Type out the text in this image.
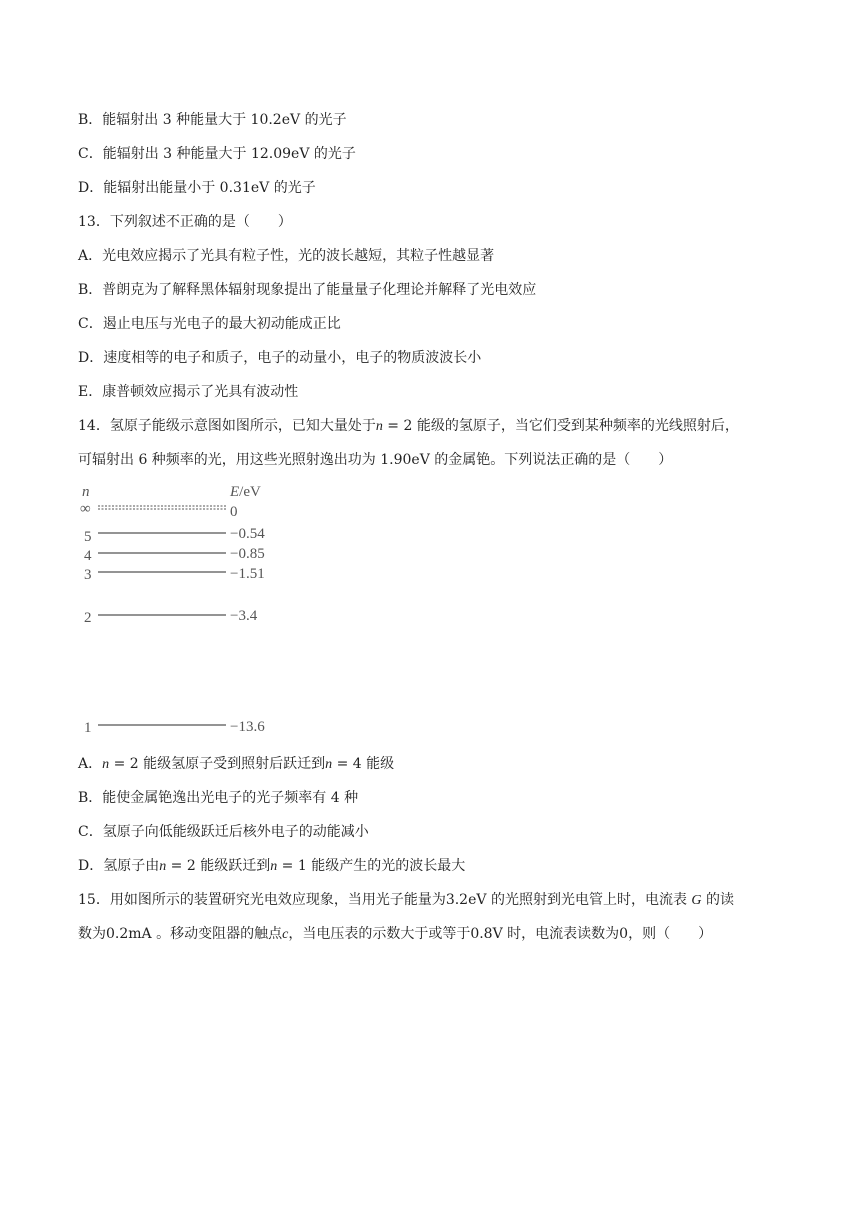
B．能辐射出 3 种能量大于 10.2eV 的光子
C．能辐射出 3 种能量大于 12.09eV 的光子
D．能辐射出能量小于 0.31eV 的光子
13．下列叙述不正确的是（　　）
A．光电效应揭示了光具有粒子性，光的波长越短，其粒子性越显著
B．普朗克为了解释黑体辐射现象提出了能量量子化理论并解释了光电效应
C．遏止电压与光电子的最大初动能成正比
D．速度相等的电子和质子，电子的动量小，电子的物质波波长小
E．康普顿效应揭示了光具有波动性
14．氢原子能级示意图如图所示，已知大量处于n = 2 能级的氢原子，当它们受到某种频率的光线照射后，
可辐射出 6 种频率的光，用这些光照射逸出功为 1.90eV 的金属铯。下列说法正确的是（　　）
n	E/eV
∞	0
5	−0.54
4	−0.85
3	−1.51
2	−3.4
1	−13.6
A．n = 2 能级氢原子受到照射后跃迁到n = 4 能级
B．能使金属铯逸出光电子的光子频率有 4 种
C．氢原子向低能级跃迁后核外电子的动能减小
D．氢原子由n = 2 能级跃迁到n = 1 能级产生的光的波长最大
15．用如图所示的装置研究光电效应现象，当用光子能量为3.2eV 的光照射到光电管上时，电流表 G 的读
数为0.2mA 。移动变阻器的触点c，当电压表的示数大于或等于0.8V 时，电流表读数为0，则（　　）
